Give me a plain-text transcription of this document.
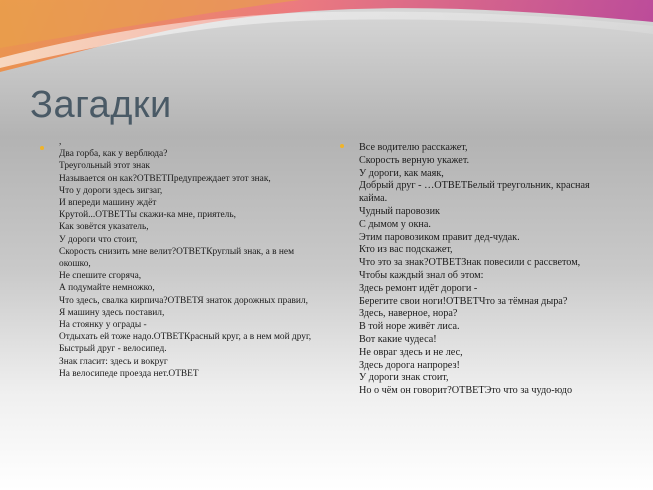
Загадки
,
Два горба, как у верблюда?
Треугольный этот знак
Называется он как?ОТВЕТПредупреждает этот знак,
Что у дороги здесь зигзаг,
И впереди машину ждёт
Крутой...ОТВЕТТы скажи-ка мне, приятель,
Как зовётся указатель,
У дороги что стоит,
Скорость снизить мне велит?ОТВЕТКруглый знак, а в нем окошко,
Не спешите сгоряча,
А подумайте немножко,
Что здесь, свалка кирпича?ОТВЕТЯ знаток дорожных правил,
Я машину здесь поставил,
На стоянку у ограды -
Отдыхать ей тоже надо.ОТВЕТКрасный круг, а в нем мой друг,
Быстрый друг - велосипед.
Знак гласит: здесь и вокруг
На велосипеде проезда нет.ОТВЕТ
Все водителю расскажет,
Скорость верную укажет.
У дороги, как маяк,
Добрый друг - …ОТВЕТБелый треугольник, красная кайма.
Чудный паровозик
С дымом у окна.
Этим паровозиком правит дед-чудак.
Кто из вас подскажет,
Что это за знак?ОТВЕТЗнак повесили с рассветом,
Чтобы каждый знал об этом:
Здесь ремонт идёт дороги -
Берегите свои ноги!ОТВЕТЧто за тёмная дыра?
Здесь, наверное, нора?
В той норе живёт лиса.
Вот какие чудеса!
Не овраг здесь и не лес,
Здесь дорога напрорез!
У дороги знак стоит,
Но о чём он говорит?ОТВЕТЭто что за чудо-юдо
